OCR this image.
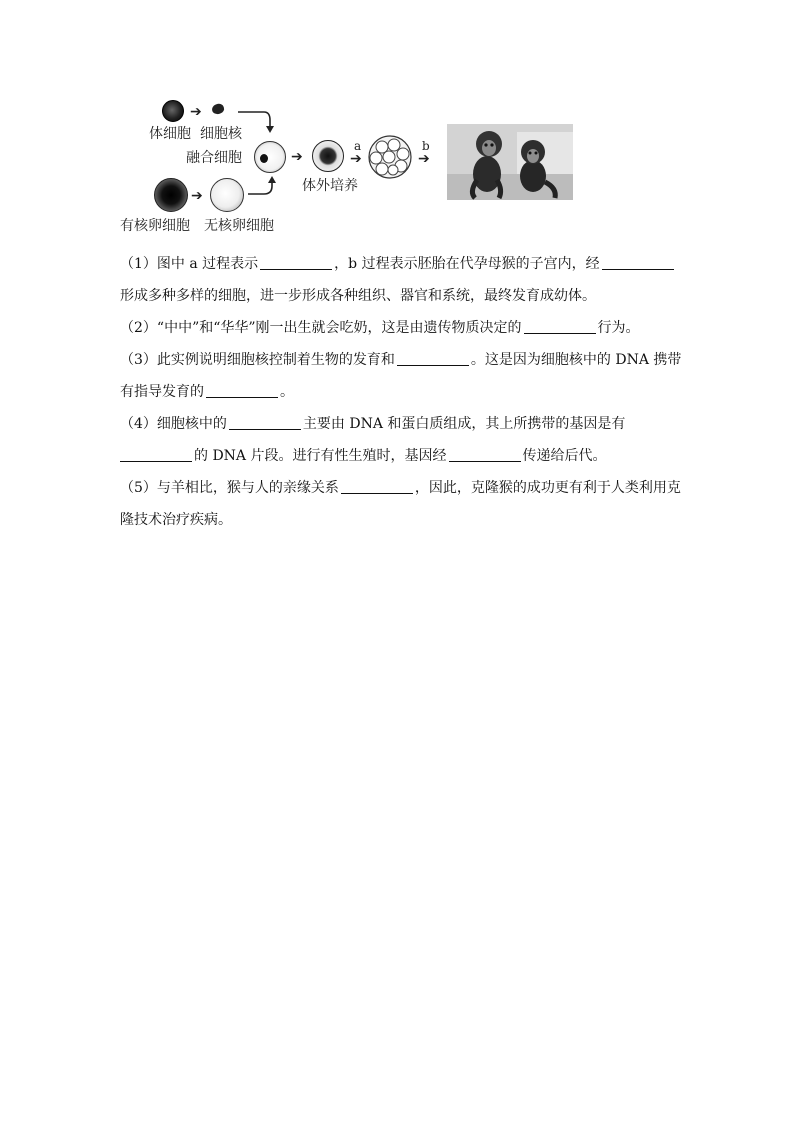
➔
体细胞 细胞核
融合细胞	➔
a
➔
b
➔
体外培养
➔
有核卵细胞 无核卵细胞
（1）图中 a 过程表示	，b 过程表示胚胎在代孕母猴的子宫内，经
形成多种多样的细胞，进一步形成各种组织、器官和系统，最终发育成幼体。
（2）“中中”和“华华”刚一出生就会吃奶，这是由遗传物质决定的	行为。
（3）此实例说明细胞核控制着生物的发育和	。这是因为细胞核中的 DNA 携带
有指导发育的	。
（4）细胞核中的	主要由 DNA 和蛋白质组成，其上所携带的基因是有
的 DNA 片段。进行有性生殖时，基因经	传递给后代。
（5）与羊相比，猴与人的亲缘关系	，因此，克隆猴的成功更有利于人类利用克
隆技术治疗疾病。
